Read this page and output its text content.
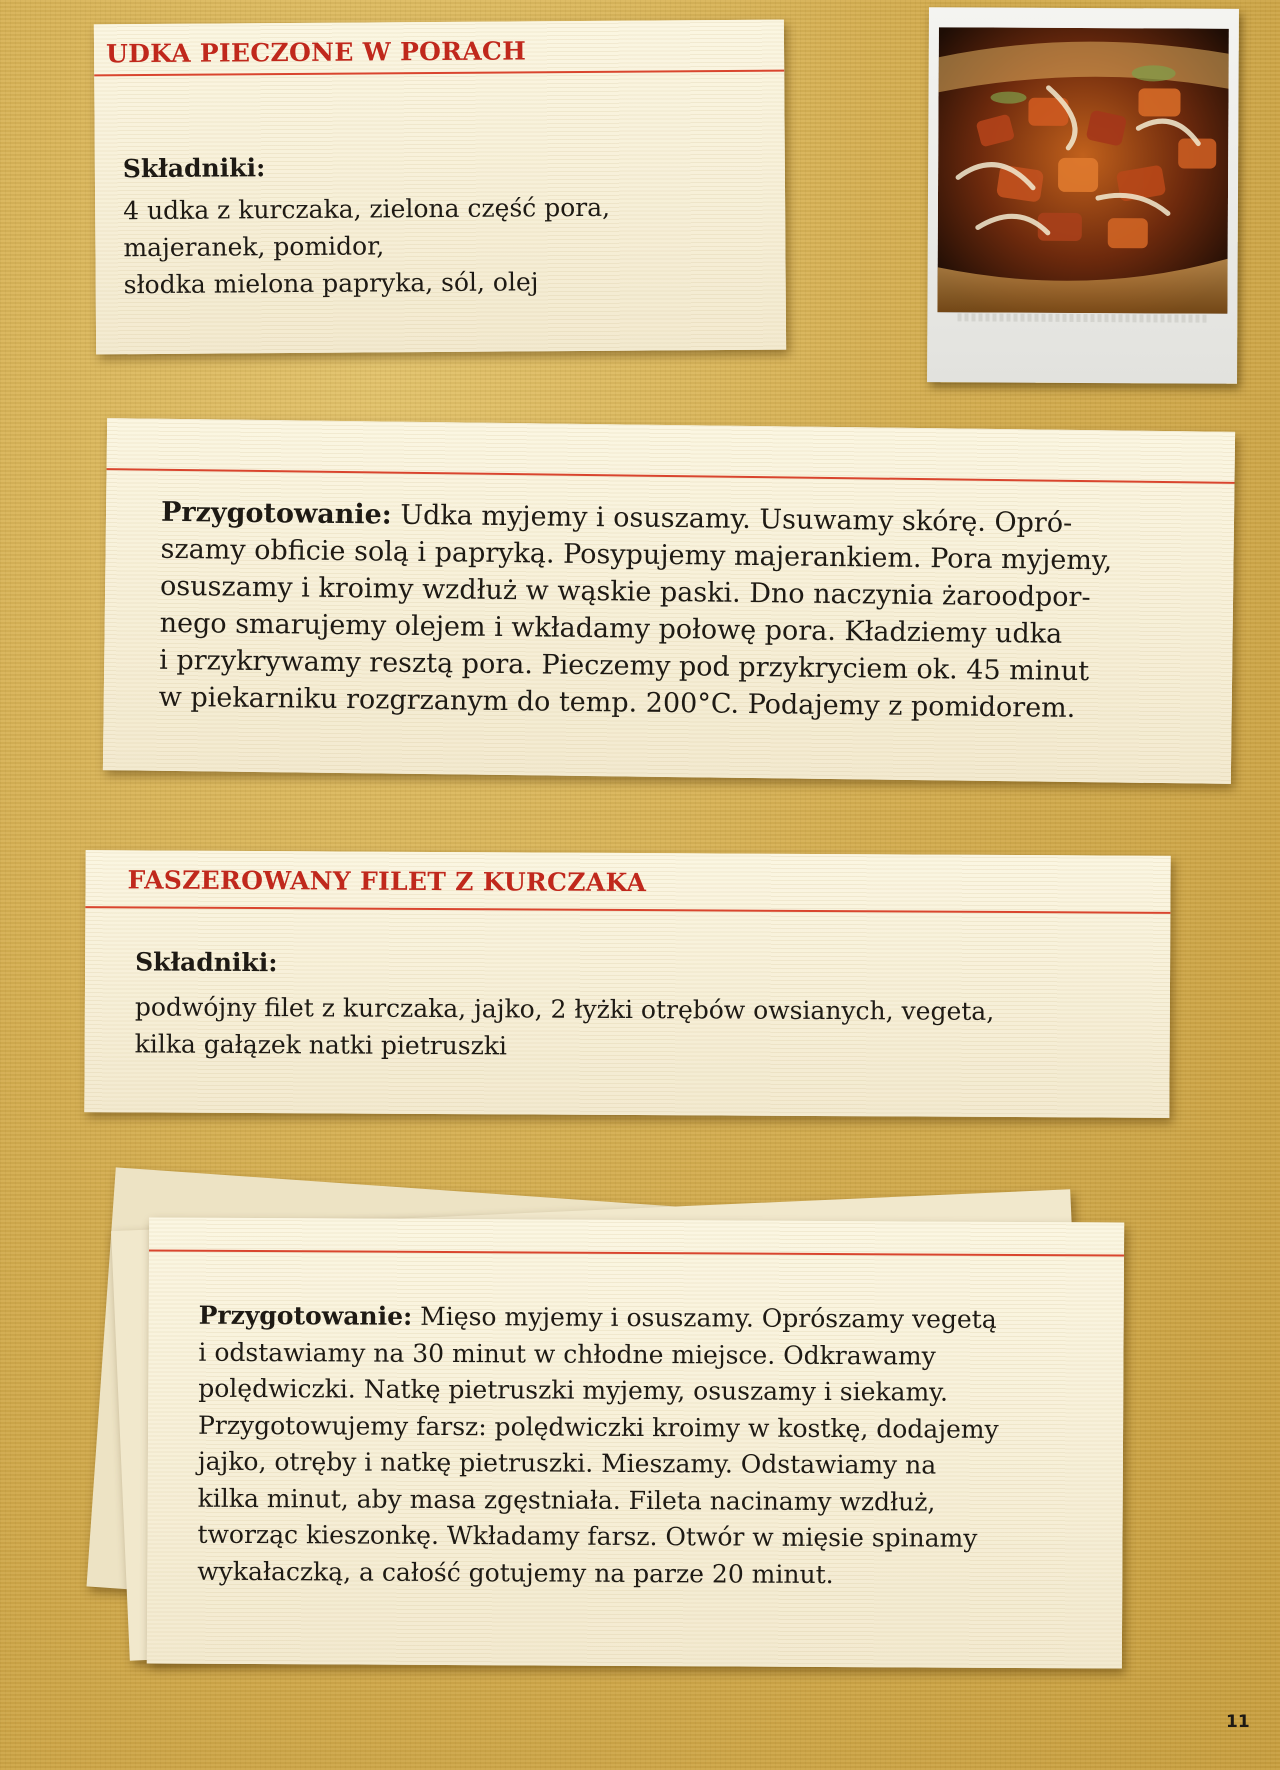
UDKA PIECZONE W PORACH
Składniki:
4 udka z kurczaka, zielona część pora,
majeranek, pomidor,
słodka mielona papryka, sól, olej
Przygotowanie: Udka myjemy i osuszamy. Usuwamy skórę. Opró-
szamy obficie solą i papryką. Posypujemy majerankiem. Pora myjemy,
osuszamy i kroimy wzdłuż w wąskie paski. Dno naczynia żaroodpor-
nego smarujemy olejem i wkładamy połowę pora. Kładziemy udka
i przykrywamy resztą pora. Pieczemy pod przykryciem ok. 45 minut
w piekarniku rozgrzanym do temp. 200°C. Podajemy z pomidorem.
FASZEROWANY FILET Z KURCZAKA
Składniki:
podwójny filet z kurczaka, jajko, 2 łyżki otrębów owsianych, vegeta,
kilka gałązek natki pietruszki
Przygotowanie: Mięso myjemy i osuszamy. Oprószamy vegetą
i odstawiamy na 30 minut w chłodne miejsce. Odkrawamy
polędwiczki. Natkę pietruszki myjemy, osuszamy i siekamy.
Przygotowujemy farsz: polędwiczki kroimy w kostkę, dodajemy
jajko, otręby i natkę pietruszki. Mieszamy. Odstawiamy na
kilka minut, aby masa zgęstniała. Fileta nacinamy wzdłuż,
tworząc kieszonkę. Wkładamy farsz. Otwór w mięsie spinamy
wykałaczką, a całość gotujemy na parze 20 minut.
11
